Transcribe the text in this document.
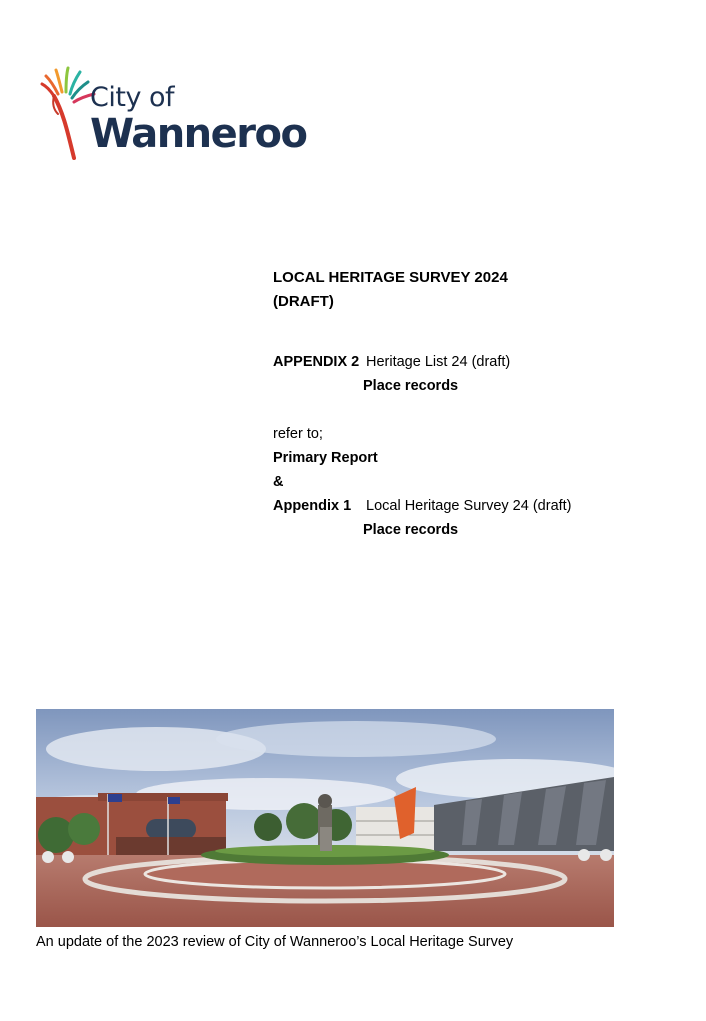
City of
Wanneroo
LOCAL HERITAGE SURVEY 2024
(DRAFT)
APPENDIX 2 Heritage List 24 (draft)
Place records
refer to;
Primary Report
&
Appendix 1 Local Heritage Survey 24 (draft)
Place records
An update of the 2023 review of City of Wanneroo’s Local Heritage Survey
